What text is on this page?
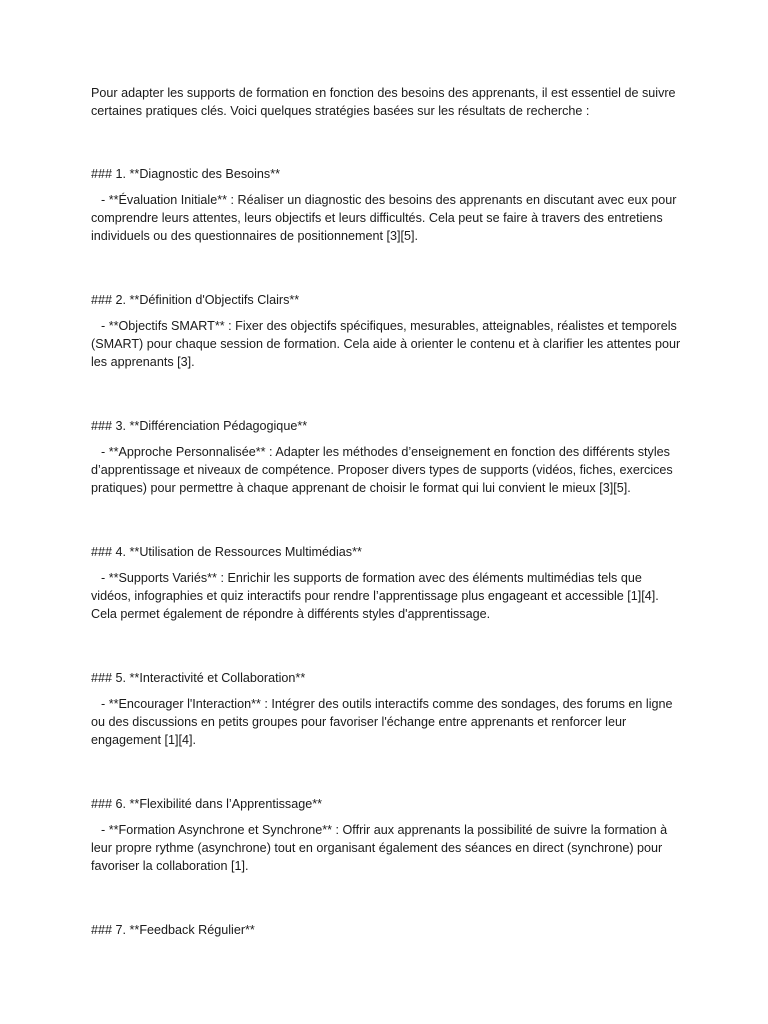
Pour adapter les supports de formation en fonction des besoins des apprenants, il est essentiel de suivre certaines pratiques clés. Voici quelques stratégies basées sur les résultats de recherche :

### 1. **Diagnostic des Besoins**

- **Évaluation Initiale** : Réaliser un diagnostic des besoins des apprenants en discutant avec eux pour comprendre leurs attentes, leurs objectifs et leurs difficultés. Cela peut se faire à travers des entretiens individuels ou des questionnaires de positionnement [3][5].

### 2. **Définition d'Objectifs Clairs**

- **Objectifs SMART** : Fixer des objectifs spécifiques, mesurables, atteignables, réalistes et temporels (SMART) pour chaque session de formation. Cela aide à orienter le contenu et à clarifier les attentes pour les apprenants [3].

### 3. **Différenciation Pédagogique**

- **Approche Personnalisée** : Adapter les méthodes d’enseignement en fonction des différents styles d’apprentissage et niveaux de compétence. Proposer divers types de supports (vidéos, fiches, exercices pratiques) pour permettre à chaque apprenant de choisir le format qui lui convient le mieux [3][5].

### 4. **Utilisation de Ressources Multimédias**

- **Supports Variés** : Enrichir les supports de formation avec des éléments multimédias tels que vidéos, infographies et quiz interactifs pour rendre l’apprentissage plus engageant et accessible [1][4]. Cela permet également de répondre à différents styles d'apprentissage.

### 5. **Interactivité et Collaboration**

- **Encourager l'Interaction** : Intégrer des outils interactifs comme des sondages, des forums en ligne ou des discussions en petits groupes pour favoriser l'échange entre apprenants et renforcer leur engagement [1][4].

### 6. **Flexibilité dans l’Apprentissage**

- **Formation Asynchrone et Synchrone** : Offrir aux apprenants la possibilité de suivre la formation à leur propre rythme (asynchrone) tout en organisant également des séances en direct (synchrone) pour favoriser la collaboration [1].

### 7. **Feedback Régulier**
